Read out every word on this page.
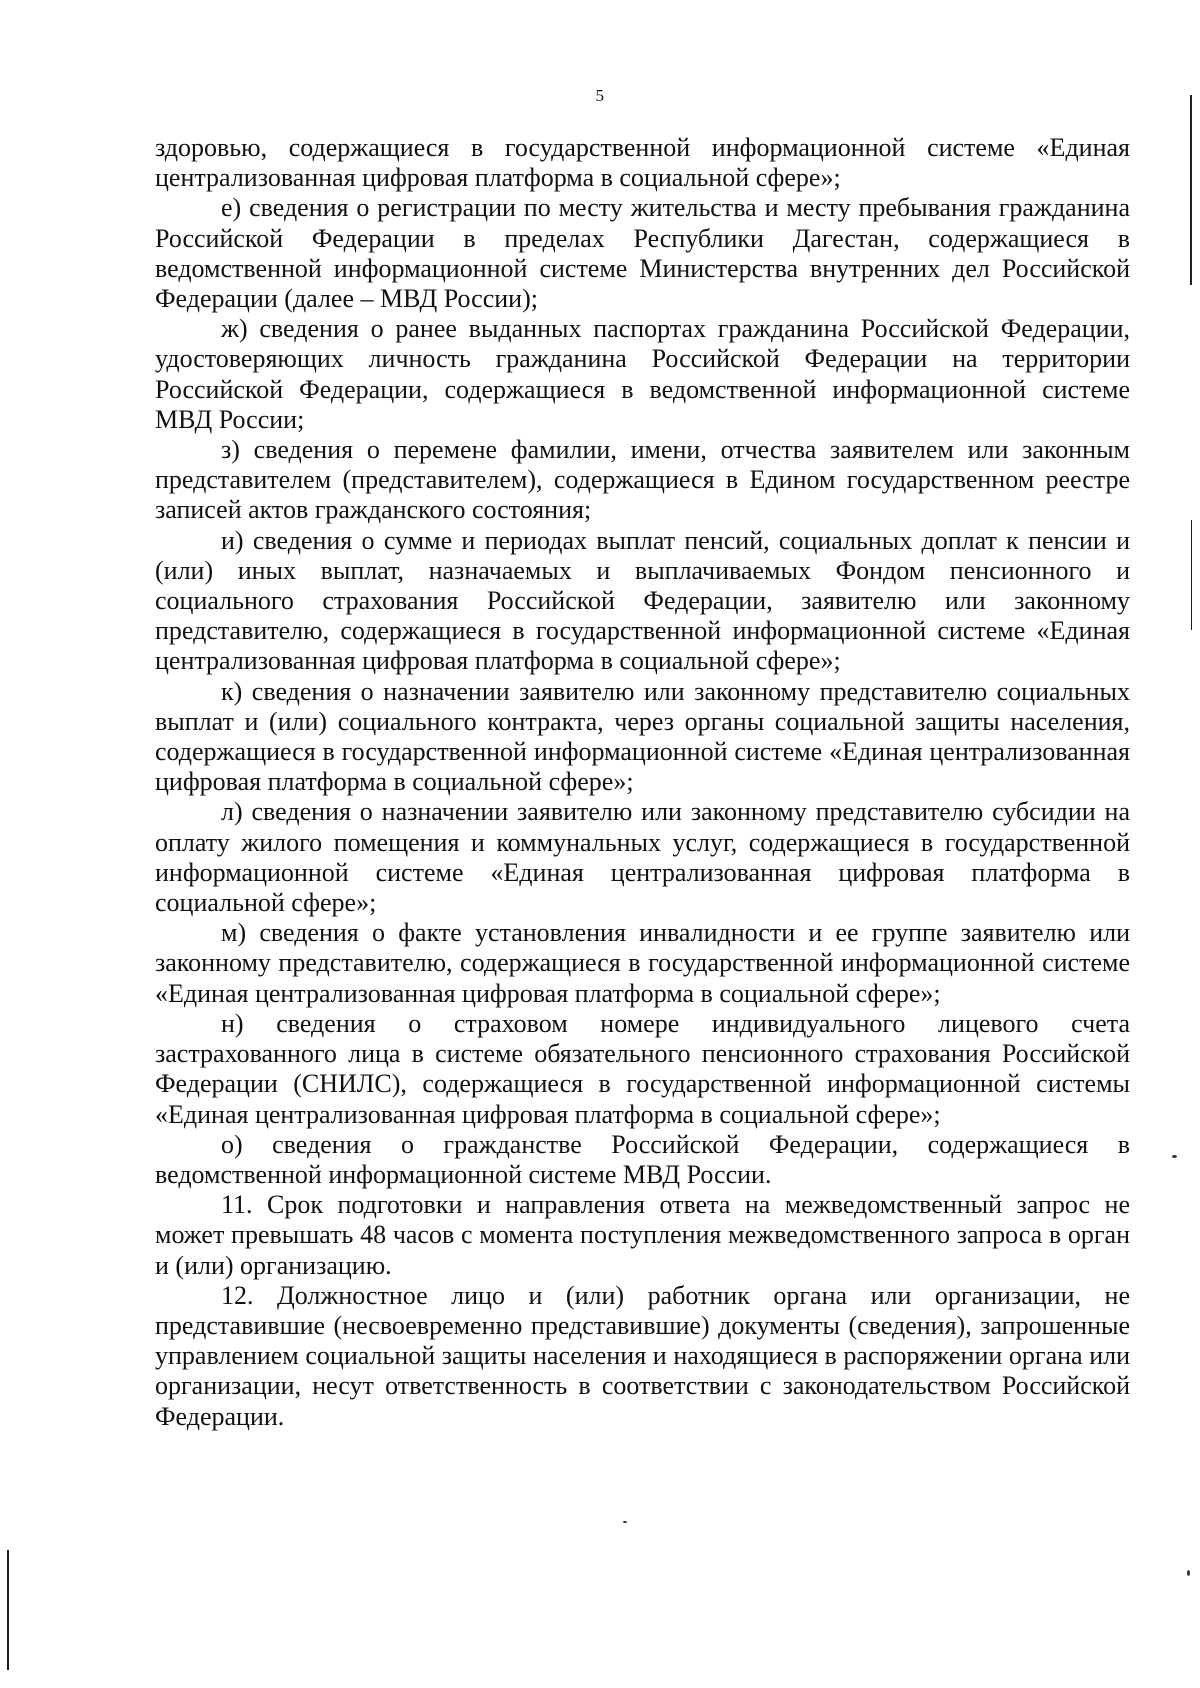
5

здоровью, содержащиеся в государственной информационной системе «Единая централизованная цифровая платформа в социальной сфере»;

е) сведения о регистрации по месту жительства и месту пребывания гражданина Российской Федерации в пределах Республики Дагестан, содержащиеся в ведомственной информационной системе Министерства внутренних дел Российской Федерации (далее – МВД России);

ж) сведения о ранее выданных паспортах гражданина Российской Федерации, удостоверяющих личность гражданина Российской Федерации на территории Российской Федерации, содержащиеся в ведомственной информационной системе МВД России;

з) сведения о перемене фамилии, имени, отчества заявителем или законным представителем (представителем), содержащиеся в Едином государственном реестре записей актов гражданского состояния;

и) сведения о сумме и периодах выплат пенсий, социальных доплат к пенсии и (или) иных выплат, назначаемых и выплачиваемых Фондом пенсионного и социального страхования Российской Федерации, заявителю или законному представителю, содержащиеся в государственной информационной системе «Единая централизованная цифровая платформа в социальной сфере»;

к) сведения о назначении заявителю или законному представителю социальных выплат и (или) социального контракта, через органы социальной защиты населения, содержащиеся в государственной информационной системе «Единая централизованная цифровая платформа в социальной сфере»;

л) сведения о назначении заявителю или законному представителю субсидии на оплату жилого помещения и коммунальных услуг, содержащиеся в государственной информационной системе «Единая централизованная цифровая платформа в социальной сфере»;

м) сведения о факте установления инвалидности и ее группе заявителю или законному представителю, содержащиеся в государственной информационной системе «Единая централизованная цифровая платформа в социальной сфере»;

н) сведения о страховом номере индивидуального лицевого счета застрахованного лица в системе обязательного пенсионного страхования Российской Федерации (СНИЛС), содержащиеся в государственной информационной системы «Единая централизованная цифровая платформа в социальной сфере»;

о) сведения о гражданстве Российской Федерации, содержащиеся в ведомственной информационной системе МВД России.

11. Срок подготовки и направления ответа на межведомственный запрос не может превышать 48 часов с момента поступления межведомственного запроса в орган и (или) организацию.

12. Должностное лицо и (или) работник органа или организации, не представившие (несвоевременно представившие) документы (сведения), запрошенные управлением социальной защиты населения и находящиеся в распоряжении органа или организации, несут ответственность в соответствии с законодательством Российской Федерации.
